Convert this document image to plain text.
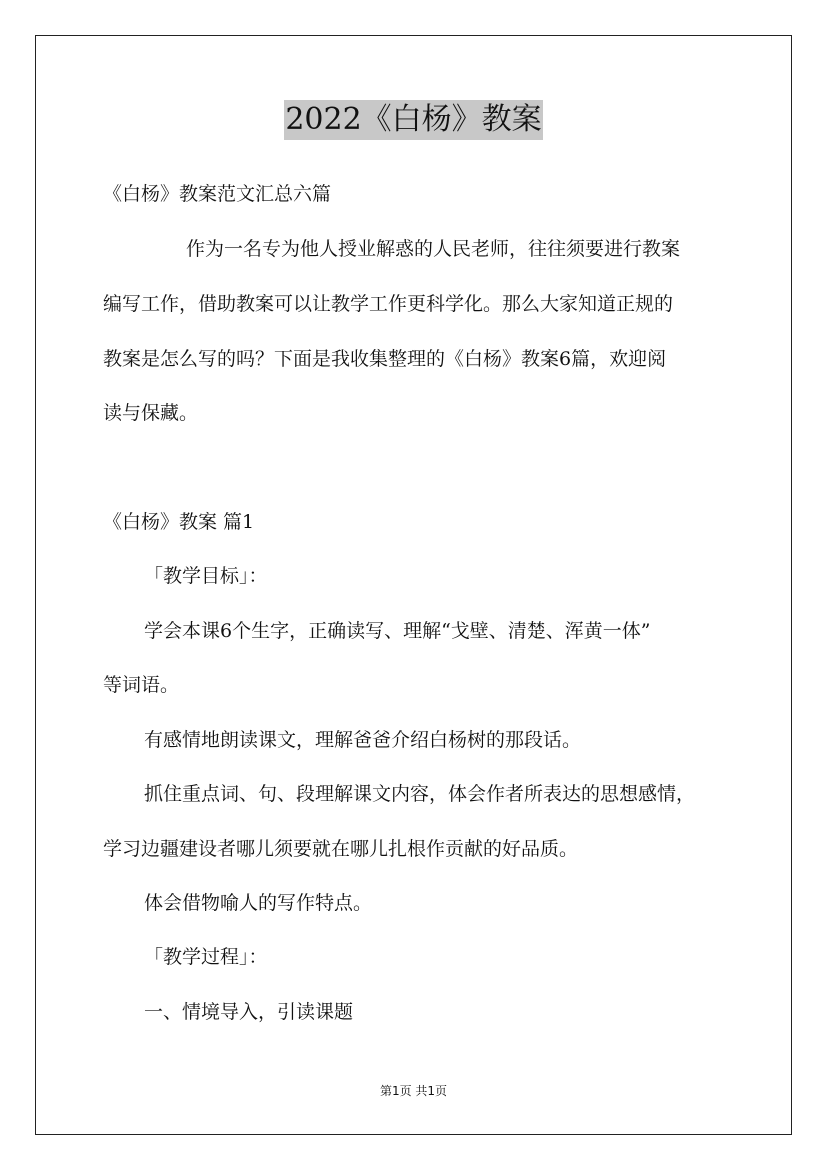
2022《白杨》教案
《白杨》教案范文汇总六篇
作为一名专为他人授业解惑的人民老师，往往须要进行教案
编写工作，借助教案可以让教学工作更科学化。那么大家知道正规的
教案是怎么写的吗？下面是我收集整理的《白杨》教案6篇，欢迎阅
读与保藏。
《白杨》教案 篇1
「教学目标」：
学会本课6个生字，正确读写、理解“戈壁、清楚、浑黄一体”
等词语。
有感情地朗读课文，理解爸爸介绍白杨树的那段话。
抓住重点词、句、段理解课文内容，体会作者所表达的思想感情，
学习边疆建设者哪儿须要就在哪儿扎根作贡献的好品质。
体会借物喻人的写作特点。
「教学过程」：
一、情境导入，引读课题
第1页 共1页
